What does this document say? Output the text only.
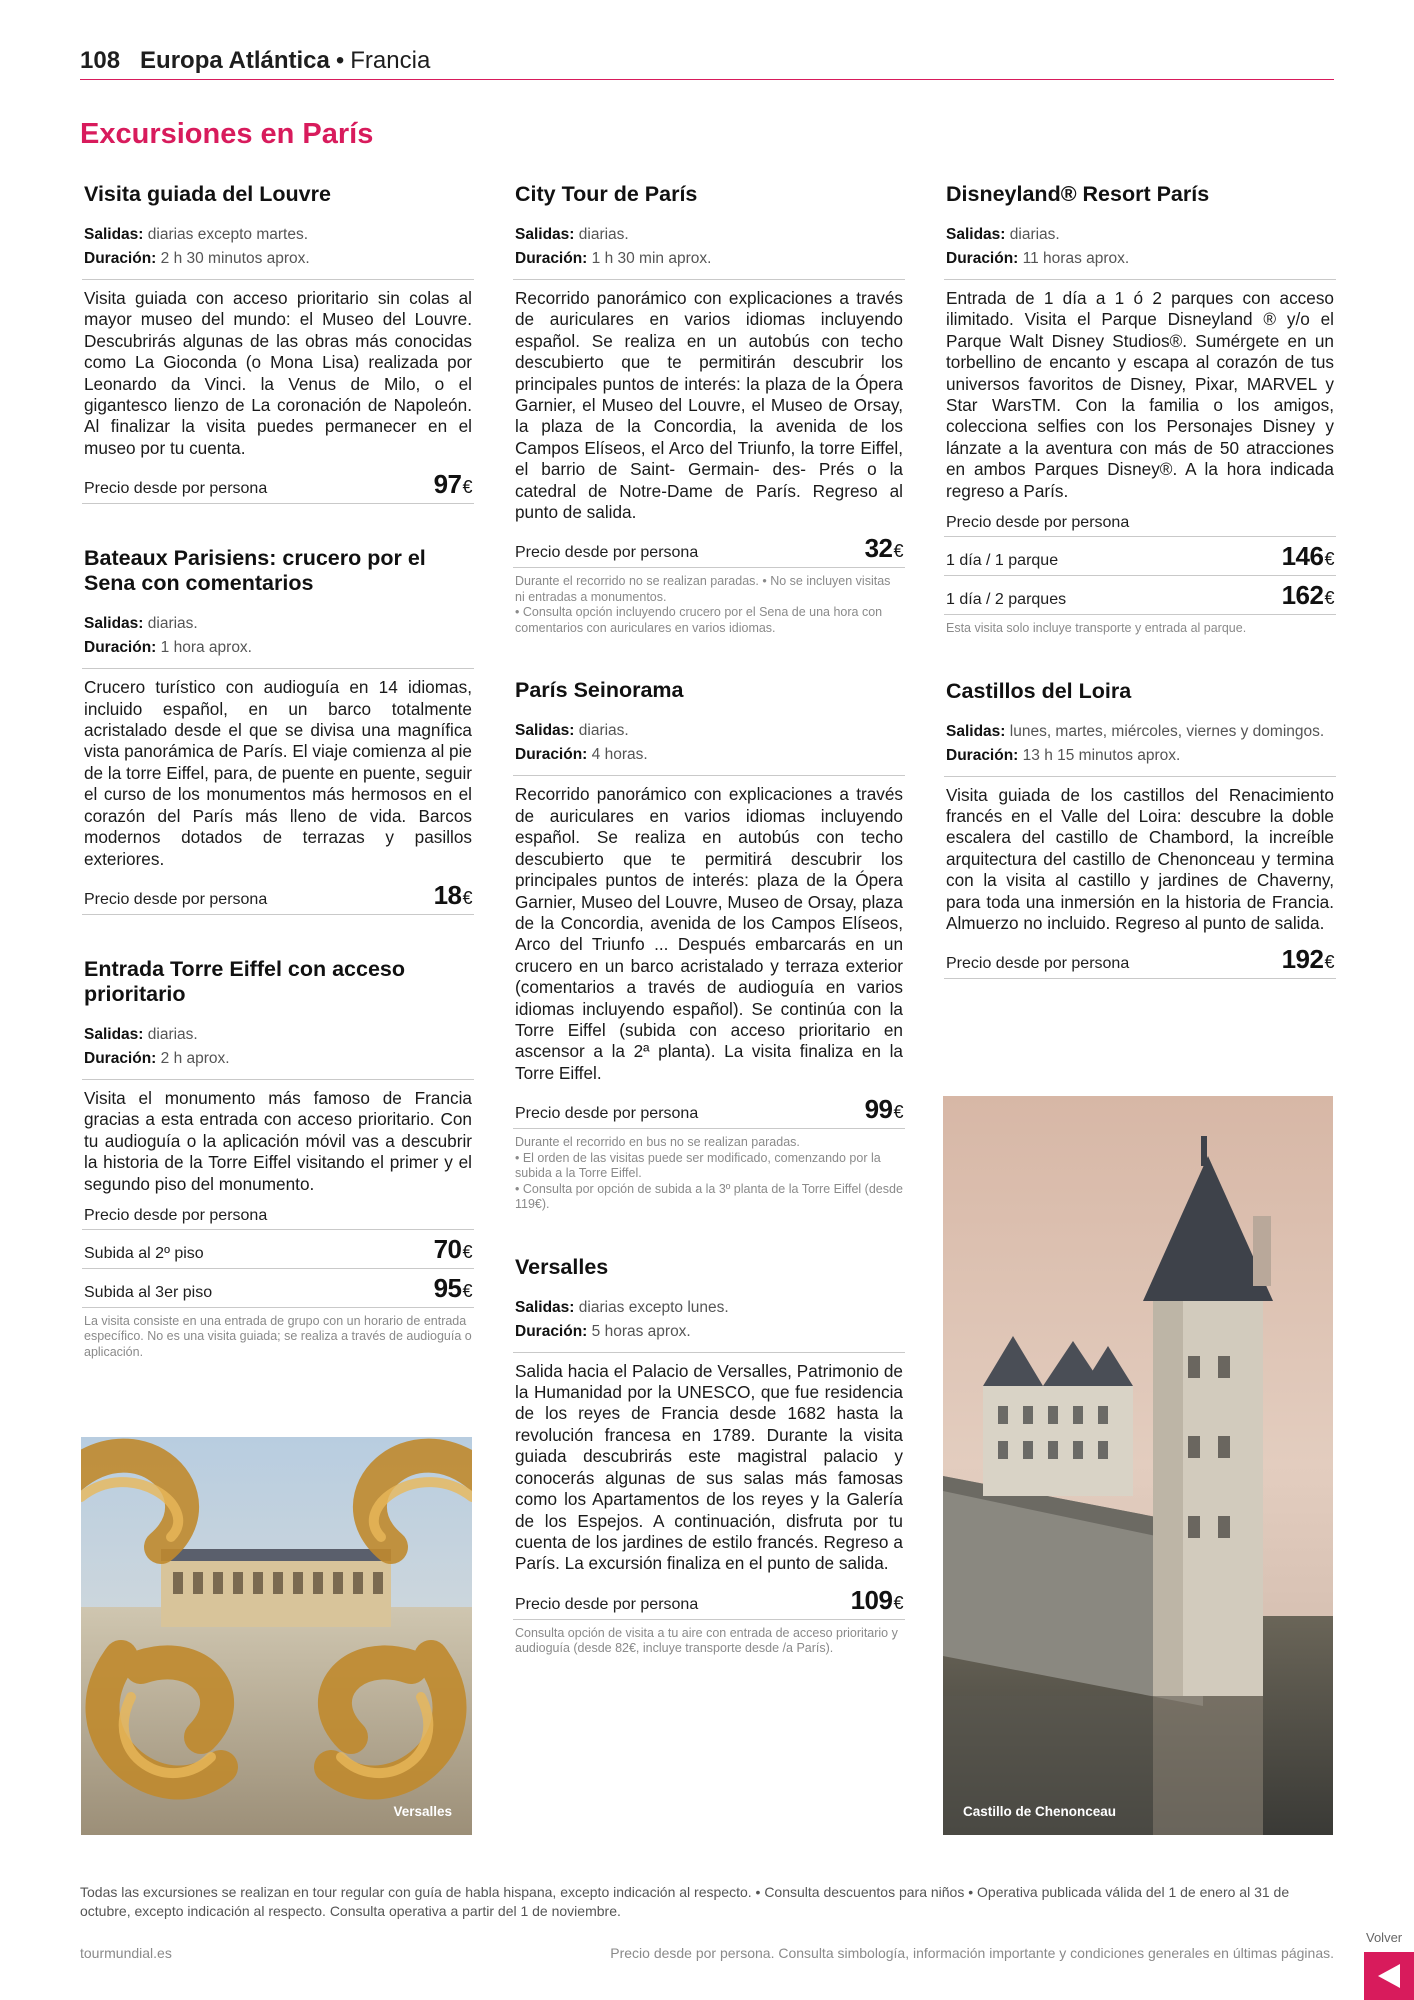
108 Europa Atlántica • Francia
Excursiones en París
Visita guiada del Louvre
Salidas: diarias excepto martes.
Duración: 2 h 30 minutos aprox.
Visita guiada con acceso prioritario sin colas al mayor museo del mundo: el Museo del Louvre. Descubrirás algunas de las obras más conocidas como La Gioconda (o Mona Lisa) realizada por Leonardo da Vinci. la Venus de Milo, o el gigantesco lienzo de La coronación de Napoleón. Al finalizar la visita puedes permanecer en el museo por tu cuenta.
Precio desde por persona	97€
Bateaux Parisiens: crucero por el Sena con comentarios
Salidas: diarias.
Duración: 1 hora aprox.
Crucero turístico con audioguía en 14 idiomas, incluido español, en un barco totalmente acristalado desde el que se divisa una magnífica vista panorámica de París. El viaje comienza al pie de la torre Eiffel, para, de puente en puente, seguir el curso de los monumentos más hermosos en el corazón del París más lleno de vida. Barcos modernos dotados de terrazas y pasillos exteriores.
Precio desde por persona	18€
Entrada Torre Eiffel con acceso prioritario
Salidas: diarias.
Duración: 2 h aprox.
Visita el monumento más famoso de Francia gracias a esta entrada con acceso prioritario. Con tu audioguía o la aplicación móvil vas a descubrir la historia de la Torre Eiffel visitando el primer y el segundo piso del monumento.
Precio desde por persona
Subida al 2º piso	70€
Subida al 3er piso	95€
La visita consiste en una entrada de grupo con un horario de entrada específico. No es una visita guiada; se realiza a través de audioguía o aplicación.
City Tour de París
Salidas: diarias.
Duración: 1 h 30 min aprox.
Recorrido panorámico con explicaciones a través de auriculares en varios idiomas incluyendo español. Se realiza en un autobús con techo descubierto que te permitirán descubrir los principales puntos de interés: la plaza de la Ópera Garnier, el Museo del Louvre, el Museo de Orsay, la plaza de la Concordia, la avenida de los Campos Elíseos, el Arco del Triunfo, la torre Eiffel, el barrio de Saint- Germain- des- Prés o la catedral de Notre-Dame de París. Regreso al punto de salida.
Precio desde por persona	32€
Durante el recorrido no se realizan paradas. • No se incluyen visitas ni entradas a monumentos.
• Consulta opción incluyendo crucero por el Sena de una hora con comentarios con auriculares en varios idiomas.
París Seinorama
Salidas: diarias.
Duración: 4 horas.
Recorrido panorámico con explicaciones a través de auriculares en varios idiomas incluyendo español. Se realiza en autobús con techo descubierto que te permitirá descubrir los principales puntos de interés: plaza de la Ópera Garnier, Museo del Louvre, Museo de Orsay, plaza de la Concordia, avenida de los Campos Elíseos, Arco del Triunfo ... Después embarcarás en un crucero en un barco acristalado y terraza exterior (comentarios a través de audioguía en varios idiomas incluyendo español). Se continúa con la Torre Eiffel (subida con acceso prioritario en ascensor a la 2ª planta). La visita finaliza en la Torre Eiffel.
Precio desde por persona	99€
Durante el recorrido en bus no se realizan paradas.
• El orden de las visitas puede ser modificado, comenzando por la subida a la Torre Eiffel.
• Consulta por opción de subida a la 3º planta de la Torre Eiffel (desde 119€).
Versalles
Salidas: diarias excepto lunes.
Duración: 5 horas aprox.
Salida hacia el Palacio de Versalles, Patrimonio de la Humanidad por la UNESCO, que fue residencia de los reyes de Francia desde 1682 hasta la revolución francesa en 1789. Durante la visita guiada descubrirás este magistral palacio y conocerás algunas de sus salas más famosas como los Apartamentos de los reyes y la Galería de los Espejos. A continuación, disfruta por tu cuenta de los jardines de estilo francés. Regreso a París. La excursión finaliza en el punto de salida.
Precio desde por persona	109€
Consulta opción de visita a tu aire con entrada de acceso prioritario y audioguía (desde 82€, incluye transporte desde /a París).
Disneyland® Resort París
Salidas: diarias.
Duración: 11 horas aprox.
Entrada de 1 día a 1 ó 2 parques con acceso ilimitado. Visita el Parque Disneyland ® y/o el Parque Walt Disney Studios®. Sumérgete en un torbellino de encanto y escapa al corazón de tus universos favoritos de Disney, Pixar, MARVEL y Star WarsTM. Con la familia o los amigos, colecciona selfies con los Personajes Disney y lánzate a la aventura con más de 50 atracciones en ambos Parques Disney®. A la hora indicada regreso a París.
Precio desde por persona
1 día / 1 parque	146€
1 día / 2 parques	162€
Esta visita solo incluye transporte y entrada al parque.
Castillos del Loira
Salidas: lunes, martes, miércoles, viernes y domingos.
Duración: 13 h 15 minutos aprox.
Visita guiada de los castillos del Renacimiento francés en el Valle del Loira: descubre la doble escalera del castillo de Chambord, la increíble arquitectura del castillo de Chenonceau y termina con la visita al castillo y jardines de Chaverny, para toda una inmersión en la historia de Francia. Almuerzo no incluido. Regreso al punto de salida.
Precio desde por persona	192€
Versalles	Castillo de Chenonceau
Todas las excursiones se realizan en tour regular con guía de habla hispana, excepto indicación al respecto. • Consulta descuentos para niños • Operativa publicada válida del 1 de enero al 31 de octubre, excepto indicación al respecto. Consulta operativa a partir del 1 de noviembre.
tourmundial.es	Precio desde por persona. Consulta simbología, información importante y condiciones generales en últimas páginas.
Volver
